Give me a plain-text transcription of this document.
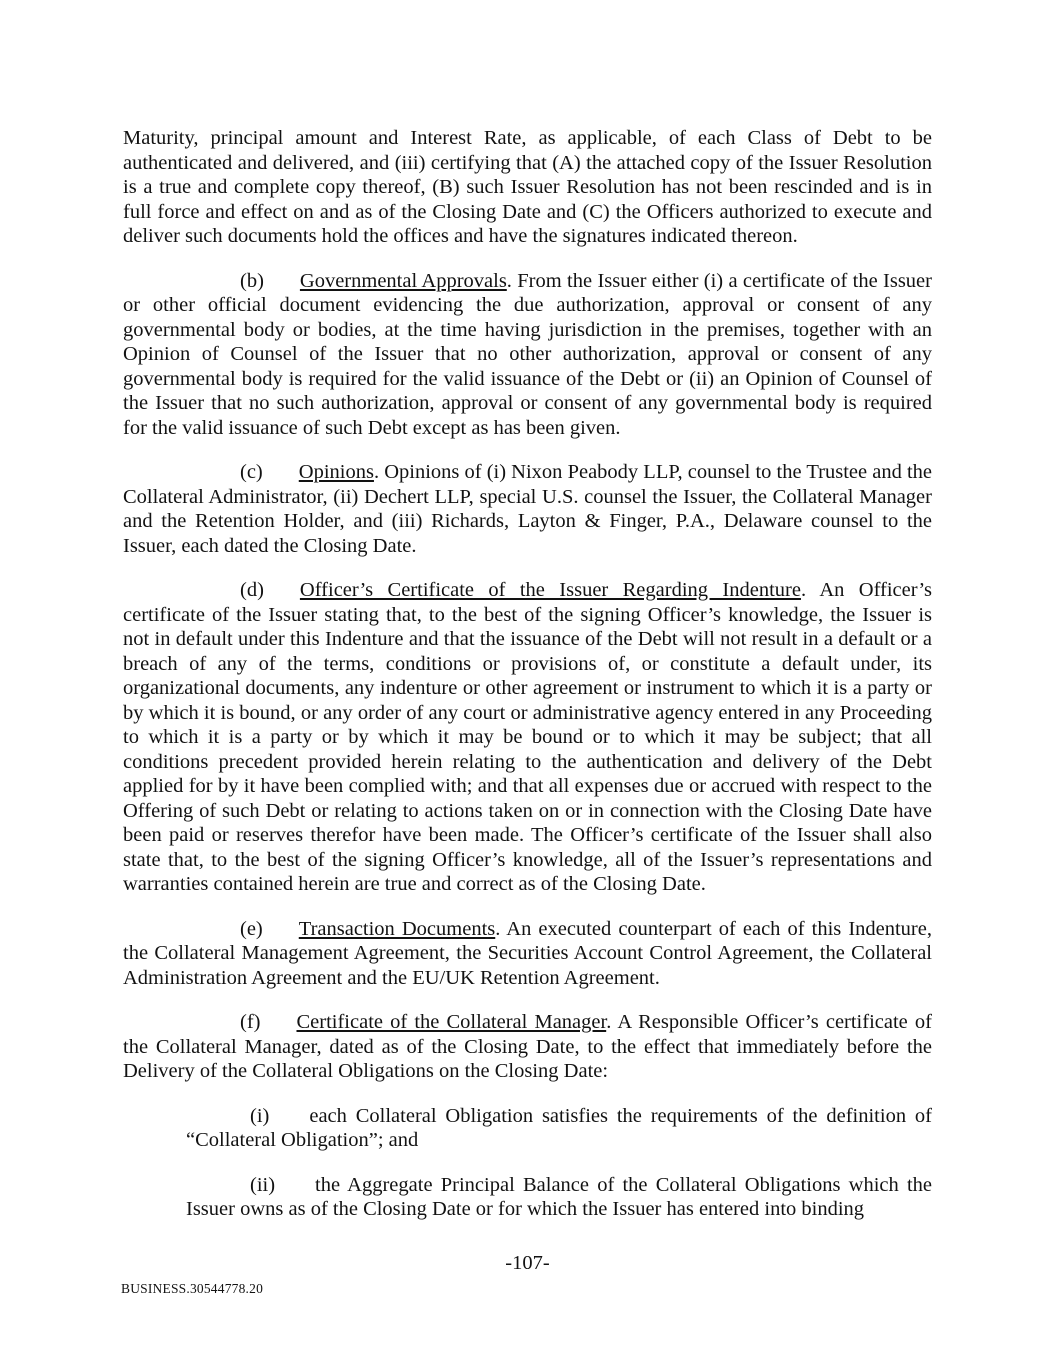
Maturity, principal amount and Interest Rate, as applicable, of each Class of Debt to be authenticated and delivered, and (iii) certifying that (A) the attached copy of the Issuer Resolution is a true and complete copy thereof, (B) such Issuer Resolution has not been rescinded and is in full force and effect on and as of the Closing Date and (C) the Officers authorized to execute and deliver such documents hold the offices and have the signatures indicated thereon.

(b) Governmental Approvals. From the Issuer either (i) a certificate of the Issuer or other official document evidencing the due authorization, approval or consent of any governmental body or bodies, at the time having jurisdiction in the premises, together with an Opinion of Counsel of the Issuer that no other authorization, approval or consent of any governmental body is required for the valid issuance of the Debt or (ii) an Opinion of Counsel of the Issuer that no such authorization, approval or consent of any governmental body is required for the valid issuance of such Debt except as has been given.

(c) Opinions. Opinions of (i) Nixon Peabody LLP, counsel to the Trustee and the Collateral Administrator, (ii) Dechert LLP, special U.S. counsel the Issuer, the Collateral Manager and the Retention Holder, and (iii) Richards, Layton & Finger, P.A., Delaware counsel to the Issuer, each dated the Closing Date.

(d) Officer’s Certificate of the Issuer Regarding Indenture. An Officer’s certificate of the Issuer stating that, to the best of the signing Officer’s knowledge, the Issuer is not in default under this Indenture and that the issuance of the Debt will not result in a default or a breach of any of the terms, conditions or provisions of, or constitute a default under, its organizational documents, any indenture or other agreement or instrument to which it is a party or by which it is bound, or any order of any court or administrative agency entered in any Proceeding to which it is a party or by which it may be bound or to which it may be subject; that all conditions precedent provided herein relating to the authentication and delivery of the Debt applied for by it have been complied with; and that all expenses due or accrued with respect to the Offering of such Debt or relating to actions taken on or in connection with the Closing Date have been paid or reserves therefor have been made. The Officer’s certificate of the Issuer shall also state that, to the best of the signing Officer’s knowledge, all of the Issuer’s representations and warranties contained herein are true and correct as of the Closing Date.

(e) Transaction Documents. An executed counterpart of each of this Indenture, the Collateral Management Agreement, the Securities Account Control Agreement, the Collateral Administration Agreement and the EU/UK Retention Agreement.

(f) Certificate of the Collateral Manager. A Responsible Officer’s certificate of the Collateral Manager, dated as of the Closing Date, to the effect that immediately before the Delivery of the Collateral Obligations on the Closing Date:

(i) each Collateral Obligation satisfies the requirements of the definition of “Collateral Obligation”; and

(ii) the Aggregate Principal Balance of the Collateral Obligations which the Issuer owns as of the Closing Date or for which the Issuer has entered into binding

-107-
BUSINESS.30544778.20
